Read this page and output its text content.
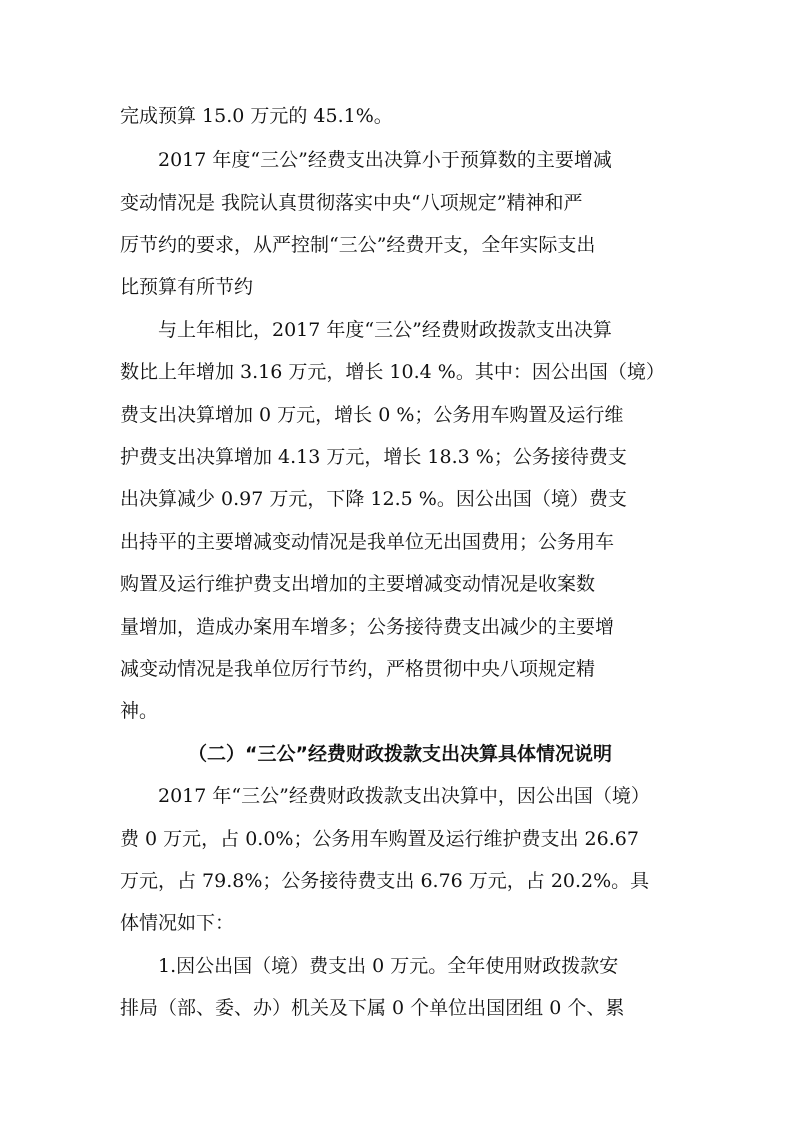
完成预算 15.0 万元的 45.1%。
2017 年度“三公”经费支出决算小于预算数的主要增减
变动情况是 我院认真贯彻落实中央“八项规定”精神和严
厉节约的要求，从严控制“三公”经费开支，全年实际支出
比预算有所节约
与上年相比，2017 年度“三公”经费财政拨款支出决算
数比上年增加 3.16 万元，增长 10.4 %。其中：因公出国（境）
费支出决算增加 0 万元，增长 0 %；公务用车购置及运行维
护费支出决算增加 4.13 万元，增长 18.3 %；公务接待费支
出决算减少 0.97 万元，下降 12.5 %。因公出国（境）费支
出持平的主要增减变动情况是我单位无出国费用；公务用车
购置及运行维护费支出增加的主要增减变动情况是收案数
量增加，造成办案用车增多；公务接待费支出减少的主要增
减变动情况是我单位厉行节约，严格贯彻中央八项规定精
神。
（二）“三公”经费财政拨款支出决算具体情况说明
2017 年“三公”经费财政拨款支出决算中，因公出国（境）
费 0 万元，占 0.0%；公务用车购置及运行维护费支出 26.67
万元，占 79.8%；公务接待费支出 6.76 万元，占 20.2%。具
体情况如下：
1.因公出国（境）费支出 0 万元。全年使用财政拨款安
排局（部、委、办）机关及下属 0 个单位出国团组 0 个、累
